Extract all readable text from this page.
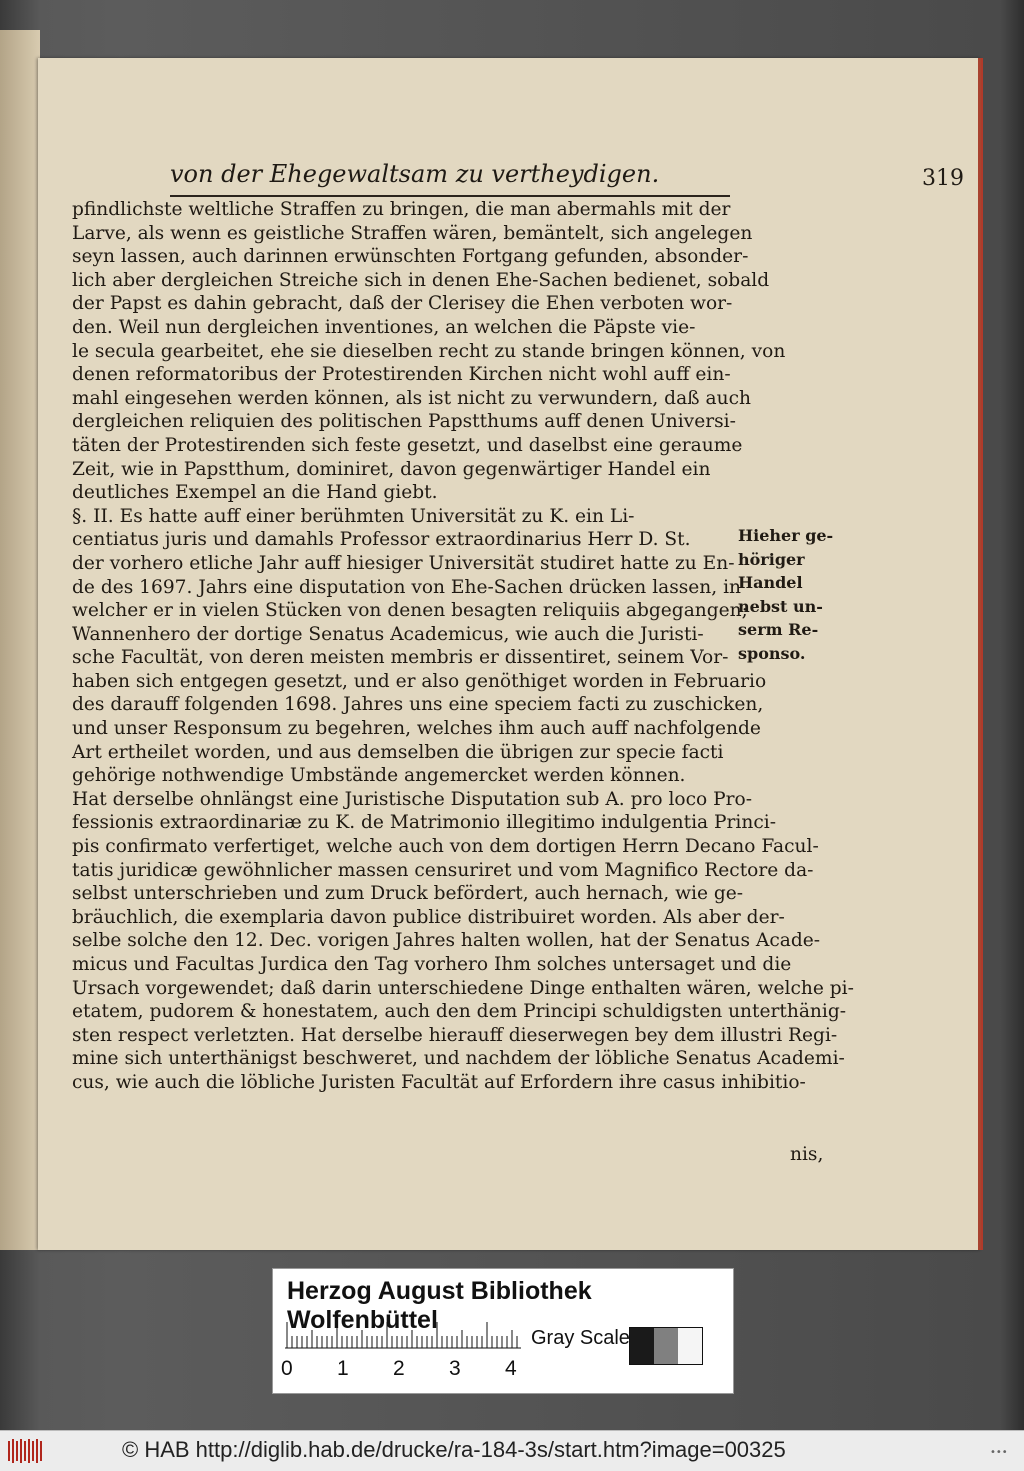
von der Ehegewaltsam zu vertheydigen.	319
pfindlichste weltliche Straffen zu bringen, die man abermahls mit der
Larve, als wenn es geistliche Straffen wären, bemäntelt, sich angelegen
seyn lassen, auch darinnen erwünschten Fortgang gefunden, absonder-
lich aber dergleichen Streiche sich in denen Ehe-Sachen bedienet, sobald
der Papst es dahin gebracht, daß der Clerisey die Ehen verboten wor-
den. Weil nun dergleichen inventiones, an welchen die Päpste vie-
le secula gearbeitet, ehe sie dieselben recht zu stande bringen können, von
denen reformatoribus der Protestirenden Kirchen nicht wohl auff ein-
mahl eingesehen werden können, als ist nicht zu verwundern, daß auch
dergleichen reliquien des politischen Papstthums auff denen Universi-
täten der Protestirenden sich feste gesetzt, und daselbst eine geraume
Zeit, wie in Papstthum, dominiret, davon gegenwärtiger Handel ein
deutliches Exempel an die Hand giebt.
§. II. Es hatte auff einer berühmten Universität zu K. ein Li-
centiatus juris und damahls Professor extraordinarius Herr D. St.
der vorhero etliche Jahr auff hiesiger Universität studiret hatte zu En-
de des 1697. Jahrs eine disputation von Ehe-Sachen drücken lassen, in
welcher er in vielen Stücken von denen besagten reliquiis abgegangen;
Wannenhero der dortige Senatus Academicus, wie auch die Juristi-
sche Facultät, von deren meisten membris er dissentiret, seinem Vor-
haben sich entgegen gesetzt, und er also genöthiget worden in Februario
des darauff folgenden 1698. Jahres uns eine speciem facti zu zuschicken,
und unser Responsum zu begehren, welches ihm auch auff nachfolgende
Art ertheilet worden, und aus demselben die übrigen zur specie facti
gehörige nothwendige Umbstände angemercket werden können.
Hat derselbe ohnlängst eine Juristische Disputation sub A. pro loco Pro-
fessionis extraordinariæ zu K. de Matrimonio illegitimo indulgentia Princi-
pis confirmato verfertiget, welche auch von dem dortigen Herrn Decano Facul-
tatis juridicæ gewöhnlicher massen censuriret und vom Magnifico Rectore da-
selbst unterschrieben und zum Druck befördert, auch hernach, wie ge-
bräuchlich, die exemplaria davon publice distribuiret worden. Als aber der-
selbe solche den 12. Dec. vorigen Jahres halten wollen, hat der Senatus Acade-
micus und Facultas Jurdica den Tag vorhero Ihm solches untersaget und die
Ursach vorgewendet; daß darin unterschiedene Dinge enthalten wären, welche pi-
etatem, pudorem & honestatem, auch den dem Principi schuldigsten unterthänig-
sten respect verletzten. Hat derselbe hierauff dieserwegen bey dem illustri Regi-
mine sich unterthänigst beschweret, und nachdem der löbliche Senatus Academi-
cus, wie auch die löbliche Juristen Facultät auf Erfordern ihre casus inhibitio-
Hieher ge-
höriger
Handel
nebst un-
serm Re-
sponso.
nis,
Herzog August Bibliothek Wolfenbüttel
Gray Scale
0 1 2 3 4
© HAB http://diglib.hab.de/drucke/ra-184-3s/start.htm?image=00325	•••
